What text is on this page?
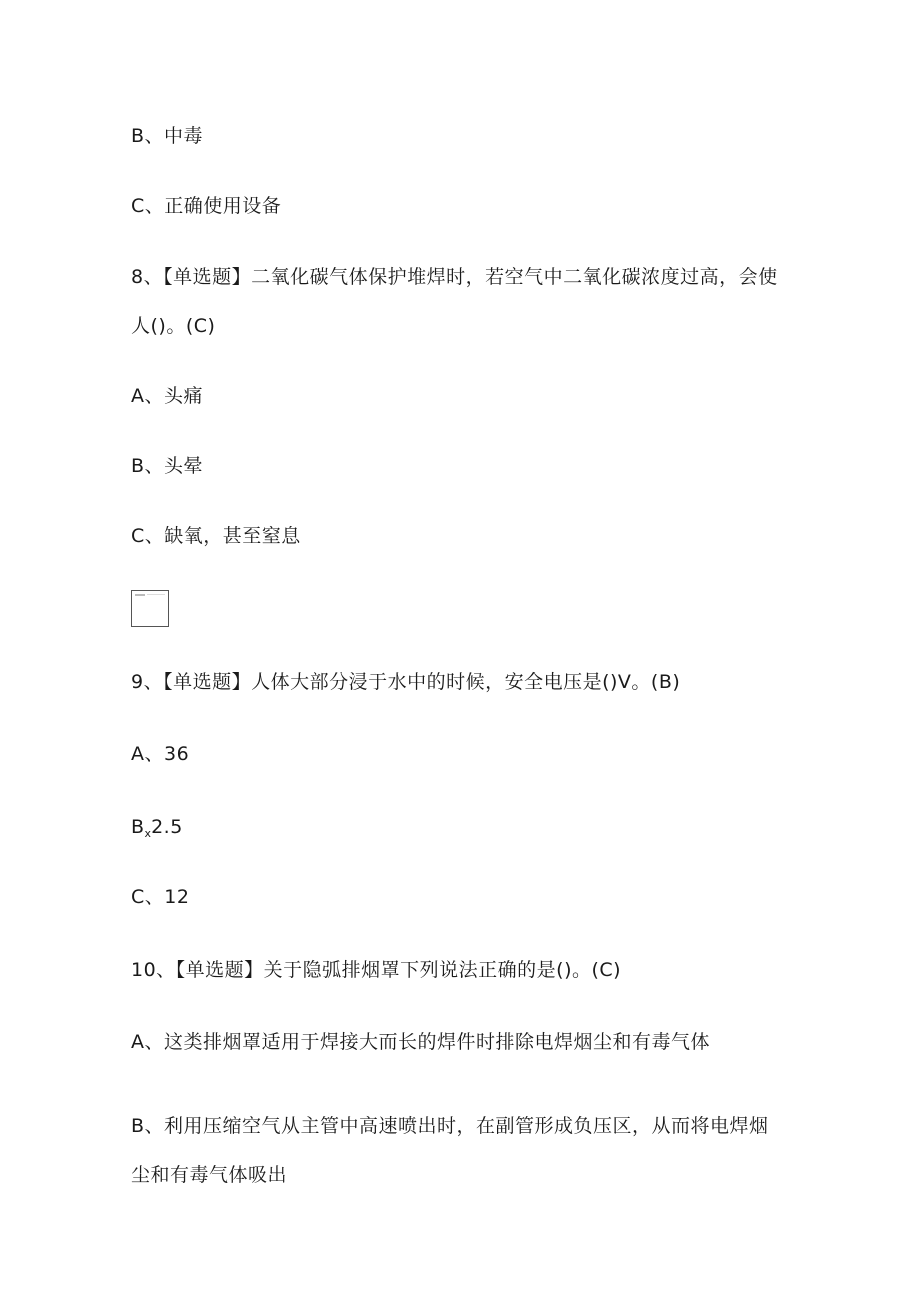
B、中毒
C、正确使用设备
8、【单选题】二氧化碳气体保护堆焊时，若空气中二氧化碳浓度过高，会使
人()。(C)
A、头痛
B、头晕
C、缺氧，甚至窒息
9、【单选题】人体大部分浸于水中的时候，安全电压是()V。(B)
A、36
$B_x2.5$
C、12
10、【单选题】关于隐弧排烟罩下列说法正确的是()。(C)
A、这类排烟罩适用于焊接大而长的焊件时排除电焊烟尘和有毒气体
B、利用压缩空气从主管中高速喷出时，在副管形成负压区，从而将电焊烟
尘和有毒气体吸出
